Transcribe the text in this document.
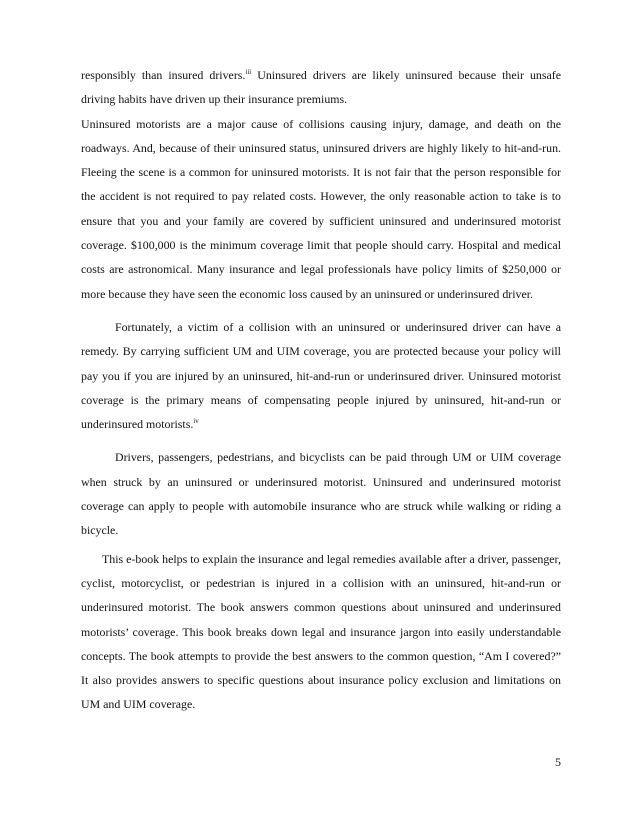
responsibly than insured drivers.$^{iii}$ Uninsured drivers are likely uninsured because their unsafe driving habits have driven up their insurance premiums.

Uninsured motorists are a major cause of collisions causing injury, damage, and death on the roadways. And, because of their uninsured status, uninsured drivers are highly likely to hit-and-run. Fleeing the scene is a common for uninsured motorists. It is not fair that the person responsible for the accident is not required to pay related costs. However, the only reasonable action to take is to ensure that you and your family are covered by sufficient uninsured and underinsured motorist coverage. $100,000 is the minimum coverage limit that people should carry. Hospital and medical costs are astronomical. Many insurance and legal professionals have policy limits of $250,000 or more because they have seen the economic loss caused by an uninsured or underinsured driver.

Fortunately, a victim of a collision with an uninsured or underinsured driver can have a remedy. By carrying sufficient UM and UIM coverage, you are protected because your policy will pay you if you are injured by an uninsured, hit-and-run or underinsured driver. Uninsured motorist coverage is the primary means of compensating people injured by uninsured, hit-and-run or underinsured motorists.$^{iv}$

Drivers, passengers, pedestrians, and bicyclists can be paid through UM or UIM coverage when struck by an uninsured or underinsured motorist. Uninsured and underinsured motorist coverage can apply to people with automobile insurance who are struck while walking or riding a bicycle.

This e-book helps to explain the insurance and legal remedies available after a driver, passenger, cyclist, motorcyclist, or pedestrian is injured in a collision with an uninsured, hit-and-run or underinsured motorist. The book answers common questions about uninsured and underinsured motorists’ coverage. This book breaks down legal and insurance jargon into easily understandable concepts. The book attempts to provide the best answers to the common question, “Am I covered?” It also provides answers to specific questions about insurance policy exclusion and limitations on UM and UIM coverage.

5
